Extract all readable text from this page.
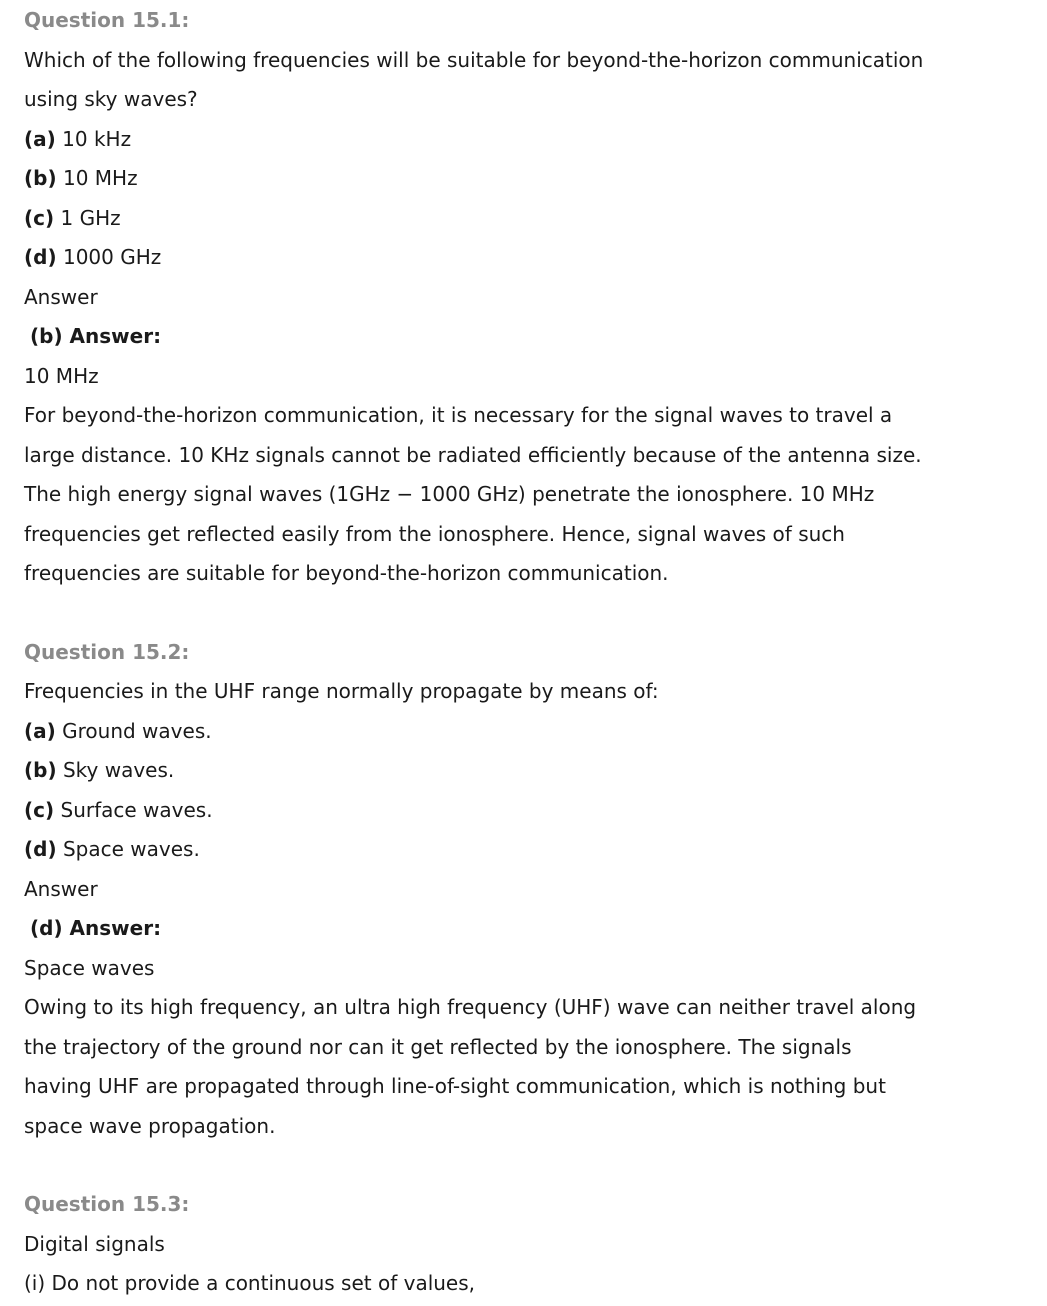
Question 15.1:
Which of the following frequencies will be suitable for beyond-the-horizon communication
using sky waves?
(a) 10 kHz
(b) 10 MHz
(c) 1 GHz
(d) 1000 GHz
Answer
(b) Answer:
10 MHz
For beyond-the-horizon communication, it is necessary for the signal waves to travel a
large distance. 10 KHz signals cannot be radiated efficiently because of the antenna size.
The high energy signal waves (1GHz − 1000 GHz) penetrate the ionosphere. 10 MHz
frequencies get reflected easily from the ionosphere. Hence, signal waves of such
frequencies are suitable for beyond-the-horizon communication.
Question 15.2:
Frequencies in the UHF range normally propagate by means of:
(a) Ground waves.
(b) Sky waves.
(c) Surface waves.
(d) Space waves.
Answer
(d) Answer:
Space waves
Owing to its high frequency, an ultra high frequency (UHF) wave can neither travel along
the trajectory of the ground nor can it get reflected by the ionosphere. The signals
having UHF are propagated through line-of-sight communication, which is nothing but
space wave propagation.
Question 15.3:
Digital signals
(i) Do not provide a continuous set of values,
